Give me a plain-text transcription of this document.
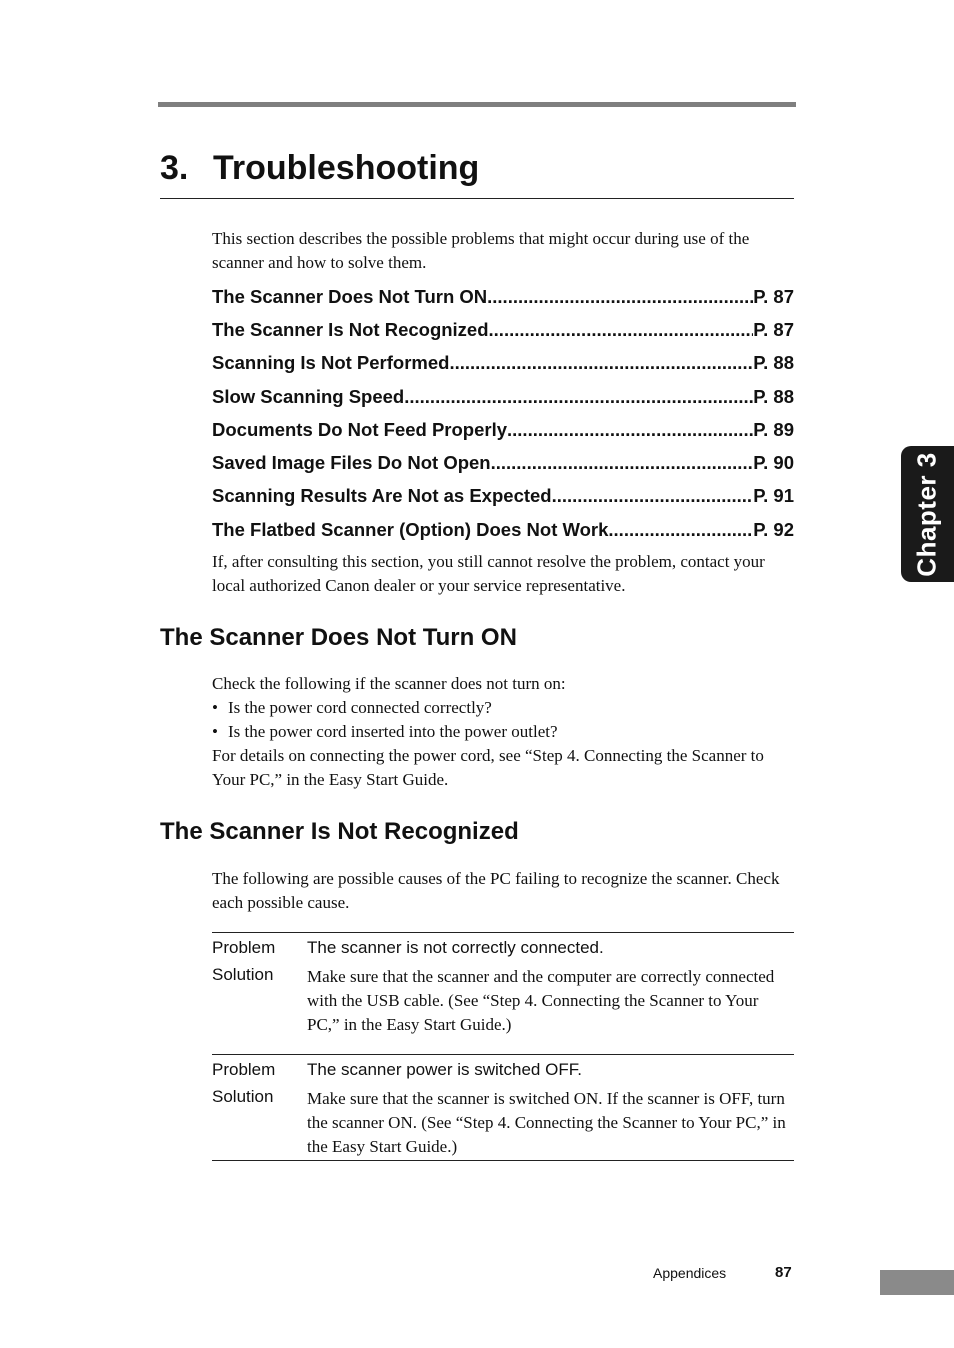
3. Troubleshooting

This section describes the possible problems that might occur during use of the scanner and how to solve them.

The Scanner Does Not Turn ON .....	P. 87
The Scanner Is Not Recognized .....	P. 87
Scanning Is Not Performed .....	P. 88
Slow Scanning Speed .....	P. 88
Documents Do Not Feed Properly .....	P. 89
Saved Image Files Do Not Open .....	P. 90
Scanning Results Are Not as Expected .....	P. 91
The Flatbed Scanner (Option) Does Not Work .....	P. 92

If, after consulting this section, you still cannot resolve the problem, contact your local authorized Canon dealer or your service representative.

The Scanner Does Not Turn ON

Check the following if the scanner does not turn on:

• Is the power cord connected correctly?
• Is the power cord inserted into the power outlet?

For details on connecting the power cord, see “Step 4. Connecting the Scanner to Your PC,” in the Easy Start Guide.

The Scanner Is Not Recognized

The following are possible causes of the PC failing to recognize the scanner. Check each possible cause.

Problem	The scanner is not correctly connected.
Solution	Make sure that the scanner and the computer are correctly connected with the USB cable. (See “Step 4. Connecting the Scanner to Your PC,” in the Easy Start Guide.)
Problem	The scanner power is switched OFF.
Solution	Make sure that the scanner is switched ON. If the scanner is OFF, turn the scanner ON. (See “Step 4. Connecting the Scanner to Your PC,” in the Easy Start Guide.)
Chapter 3
Appendices	87
